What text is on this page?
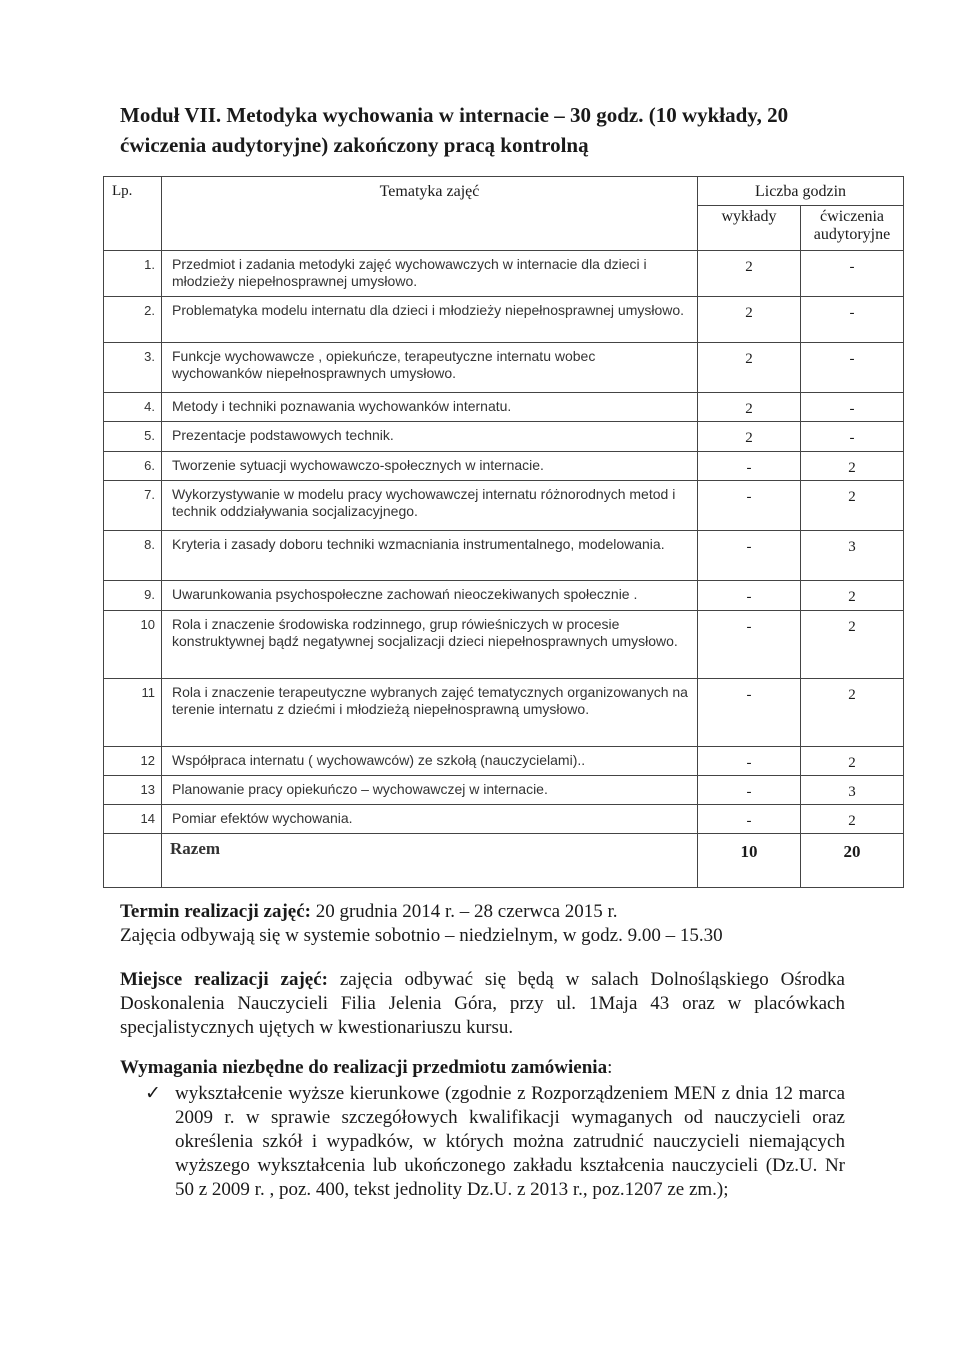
Moduł VII. Metodyka wychowania w internacie – 30 godz. (10 wykłady, 20 ćwiczenia audytoryjne) zakończony pracą kontrolną
Lp.	Tematyka zajęć	Liczba godzin	
		wykłady	ćwiczenia audytoryjne
1.	Przedmiot i zadania metodyki zajęć wychowawczych w internacie dla dzieci i młodzieży niepełnosprawnej umysłowo.	2	-
2.	Problematyka modelu internatu dla dzieci i młodzieży niepełnosprawnej umysłowo.	2	-
3.	Funkcje wychowawcze , opiekuńcze, terapeutyczne internatu wobec wychowanków niepełnosprawnych umysłowo.	2	-
4.	Metody i techniki poznawania wychowanków internatu.	2	-
5.	Prezentacje podstawowych technik.	2	-
6.	Tworzenie sytuacji wychowawczo-społecznych w internacie.	-	2
7.	Wykorzystywanie w modelu pracy wychowawczej internatu różnorodnych metod i technik oddziaływania socjalizacyjnego.	-	2
8.	Kryteria i zasady doboru techniki wzmacniania instrumentalnego, modelowania.	-	3
9.	Uwarunkowania psychospołeczne zachowań nieoczekiwanych społecznie .	-	2
10	Rola i znaczenie środowiska rodzinnego, grup rówieśniczych w procesie konstruktywnej bądź negatywnej socjalizacji dzieci niepełnosprawnych umysłowo.	-	2
11	Rola i znaczenie terapeutyczne wybranych zajęć tematycznych organizowanych na terenie internatu z dziećmi i młodzieżą niepełnosprawną umysłowo.	-	2
12	Współpraca internatu ( wychowawców) ze szkołą (nauczycielami)..	-	2
13	Planowanie pracy opiekuńczo – wychowawczej w internacie.	-	3
14	Pomiar efektów wychowania.	-	2
	Razem	10	20
Termin realizacji zajęć: 20 grudnia 2014 r. – 28 czerwca 2015 r.
Zajęcia odbywają się w systemie sobotnio – niedzielnym, w godz. 9.00 – 15.30
Miejsce realizacji zajęć: zajęcia odbywać się będą w salach Dolnośląskiego Ośrodka Doskonalenia Nauczycieli Filia Jelenia Góra, przy ul. 1Maja 43 oraz w placówkach specjalistycznych ujętych w kwestionariuszu kursu.
Wymagania niezbędne do realizacji przedmiotu zamówienia:
✓ wykształcenie wyższe kierunkowe (zgodnie z Rozporządzeniem MEN z dnia 12 marca 2009 r. w sprawie szczegółowych kwalifikacji wymaganych od nauczycieli oraz określenia szkół i wypadków, w których można zatrudnić nauczycieli niemających wyższego wykształcenia lub ukończonego zakładu kształcenia nauczycieli (Dz.U. Nr 50 z 2009 r. , poz. 400, tekst jednolity Dz.U. z 2013 r., poz.1207 ze zm.);
